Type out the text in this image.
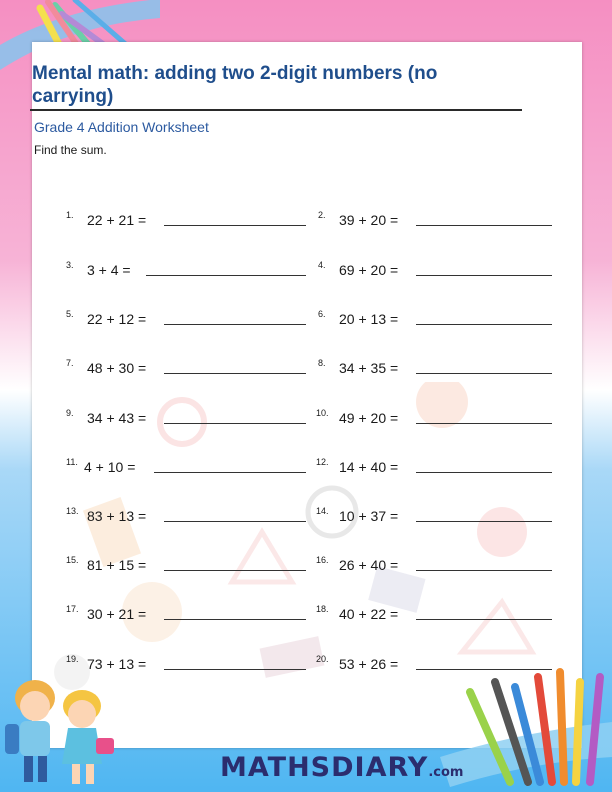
Mental math: adding two 2-digit numbers (no carrying)
Grade 4 Addition Worksheet
Find the sum.
1. 22 + 21 =
3. 3 + 4 =
5. 22 + 12 =
7. 48 + 30 =
9. 34 + 43 =
11. 4 + 10 =
13. 83 + 13 =
15. 81 + 15 =
17. 30 + 21 =
19. 73 + 13 =
2. 39 + 20 =
4. 69 + 20 =
6. 20 + 13 =
8. 34 + 35 =
10. 49 + 20 =
12. 14 + 40 =
14. 10 + 37 =
16. 26 + 40 =
18. 40 + 22 =
20. 53 + 26 =
MATHSDIARY.com
